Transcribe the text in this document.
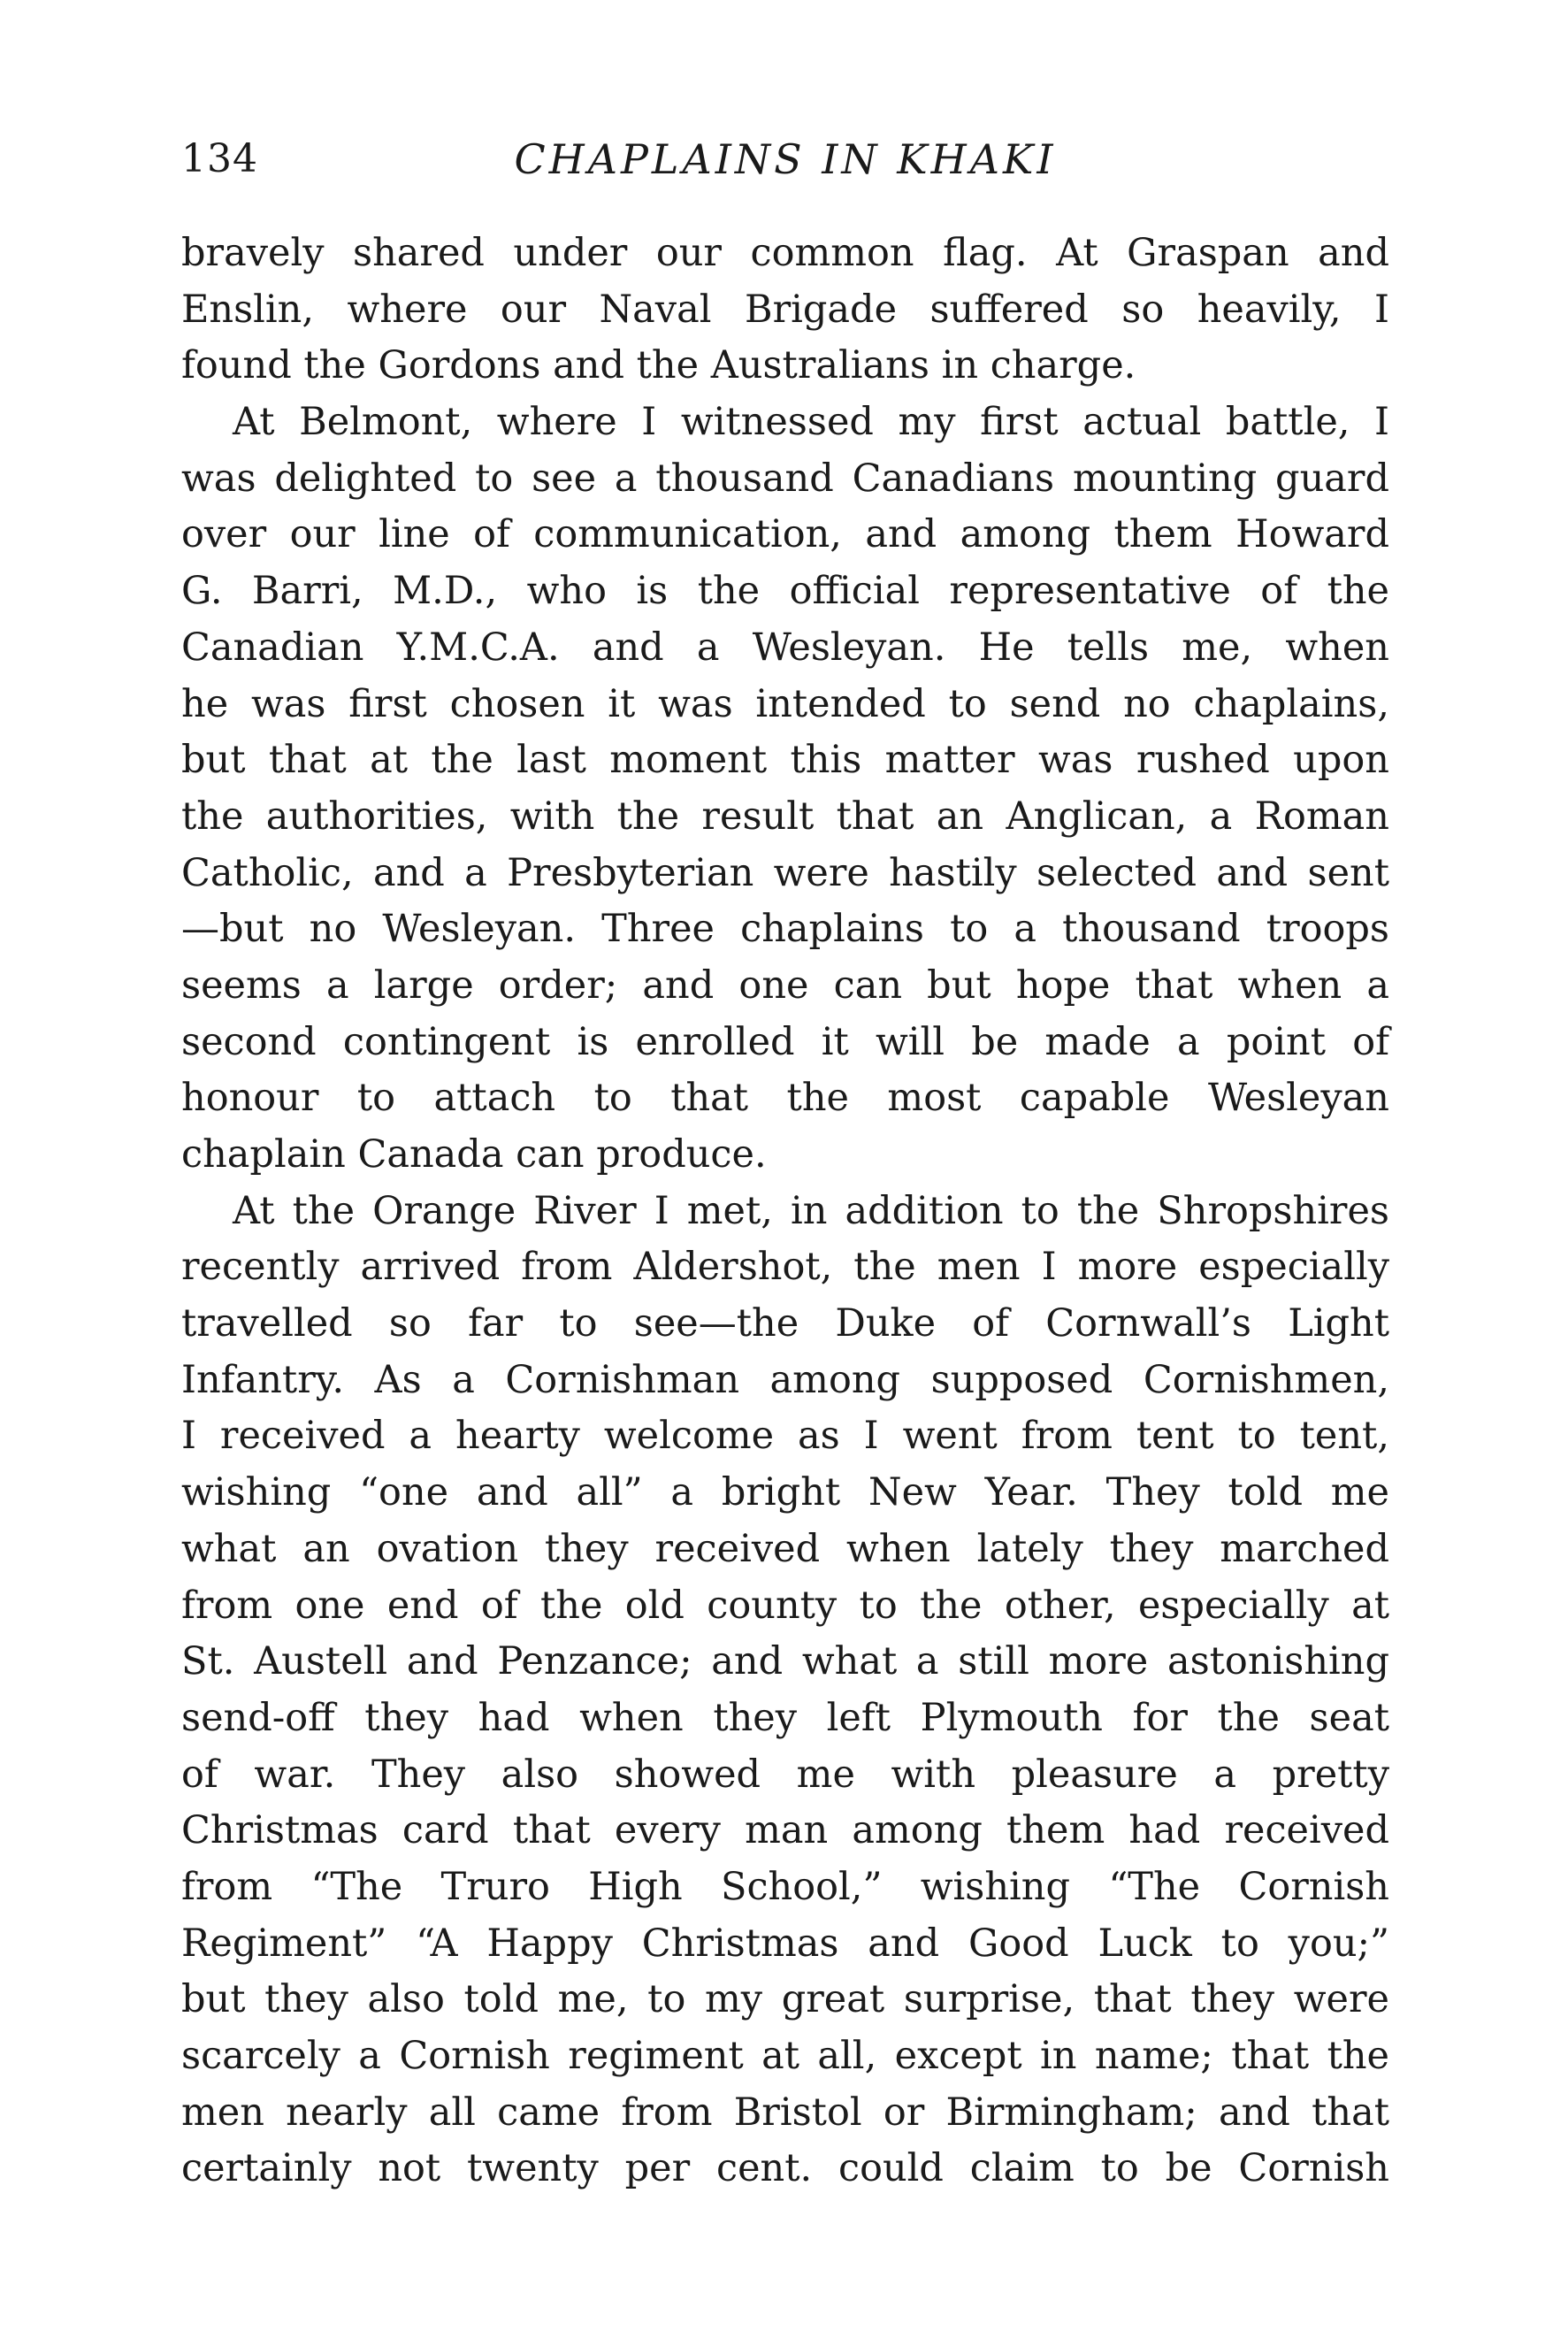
134	CHAPLAINS IN KHAKI
bravely shared under our common flag. At Graspan and
Enslin, where our Naval Brigade suffered so heavily, I
found the Gordons and the Australians in charge.
At Belmont, where I witnessed my first actual battle, I
was delighted to see a thousand Canadians mounting guard
over our line of communication, and among them Howard
G. Barri, M.D., who is the official representative of the
Canadian Y.M.C.A. and a Wesleyan. He tells me, when
he was first chosen it was intended to send no chaplains,
but that at the last moment this matter was rushed upon
the authorities, with the result that an Anglican, a Roman
Catholic, and a Presbyterian were hastily selected and sent
—but no Wesleyan. Three chaplains to a thousand troops
seems a large order; and one can but hope that when a
second contingent is enrolled it will be made a point of
honour to attach to that the most capable Wesleyan
chaplain Canada can produce.
At the Orange River I met, in addition to the Shropshires
recently arrived from Aldershot, the men I more especially
travelled so far to see—the Duke of Cornwall’s Light
Infantry. As a Cornishman among supposed Cornishmen,
I received a hearty welcome as I went from tent to tent,
wishing “one and all” a bright New Year. They told me
what an ovation they received when lately they marched
from one end of the old county to the other, especially at
St. Austell and Penzance; and what a still more astonishing
send-off they had when they left Plymouth for the seat
of war. They also showed me with pleasure a pretty
Christmas card that every man among them had received
from “The Truro High School,” wishing “The Cornish
Regiment” “A Happy Christmas and Good Luck to you;”
but they also told me, to my great surprise, that they were
scarcely a Cornish regiment at all, except in name; that the
men nearly all came from Bristol or Birmingham; and that
certainly not twenty per cent. could claim to be Cornish
